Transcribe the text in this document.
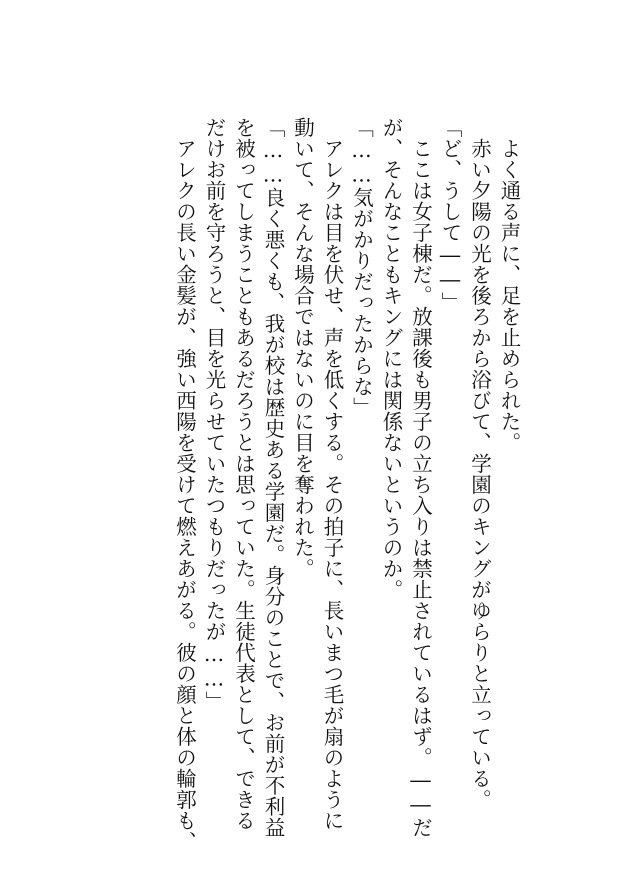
　よく通る声に、足を止められた。
　赤い夕陽の光を後ろから浴びて、学園のキングがゆらりと立っている。
「ど、うして――」
　ここは女子棟だ。放課後も男子の立ち入りは禁止されているはず。――だ
が、そんなこともキングには関係ないというのか。
「……気がかりだったからな」
　アレクは目を伏せ、声を低くする。その拍子に、長いまつ毛が扇のように
動いて、そんな場合ではないのに目を奪われた。
「……良く悪くも、我が校は歴史ある学園だ。身分のことで、お前が不利益
を被ってしまうこともあるだろうとは思っていた。生徒代表として、できる
だけお前を守ろうと、目を光らせていたつもりだったが……」
　アレクの長い金髪が、強い西陽を受けて燃えあがる。彼の顔と体の輪郭も、
